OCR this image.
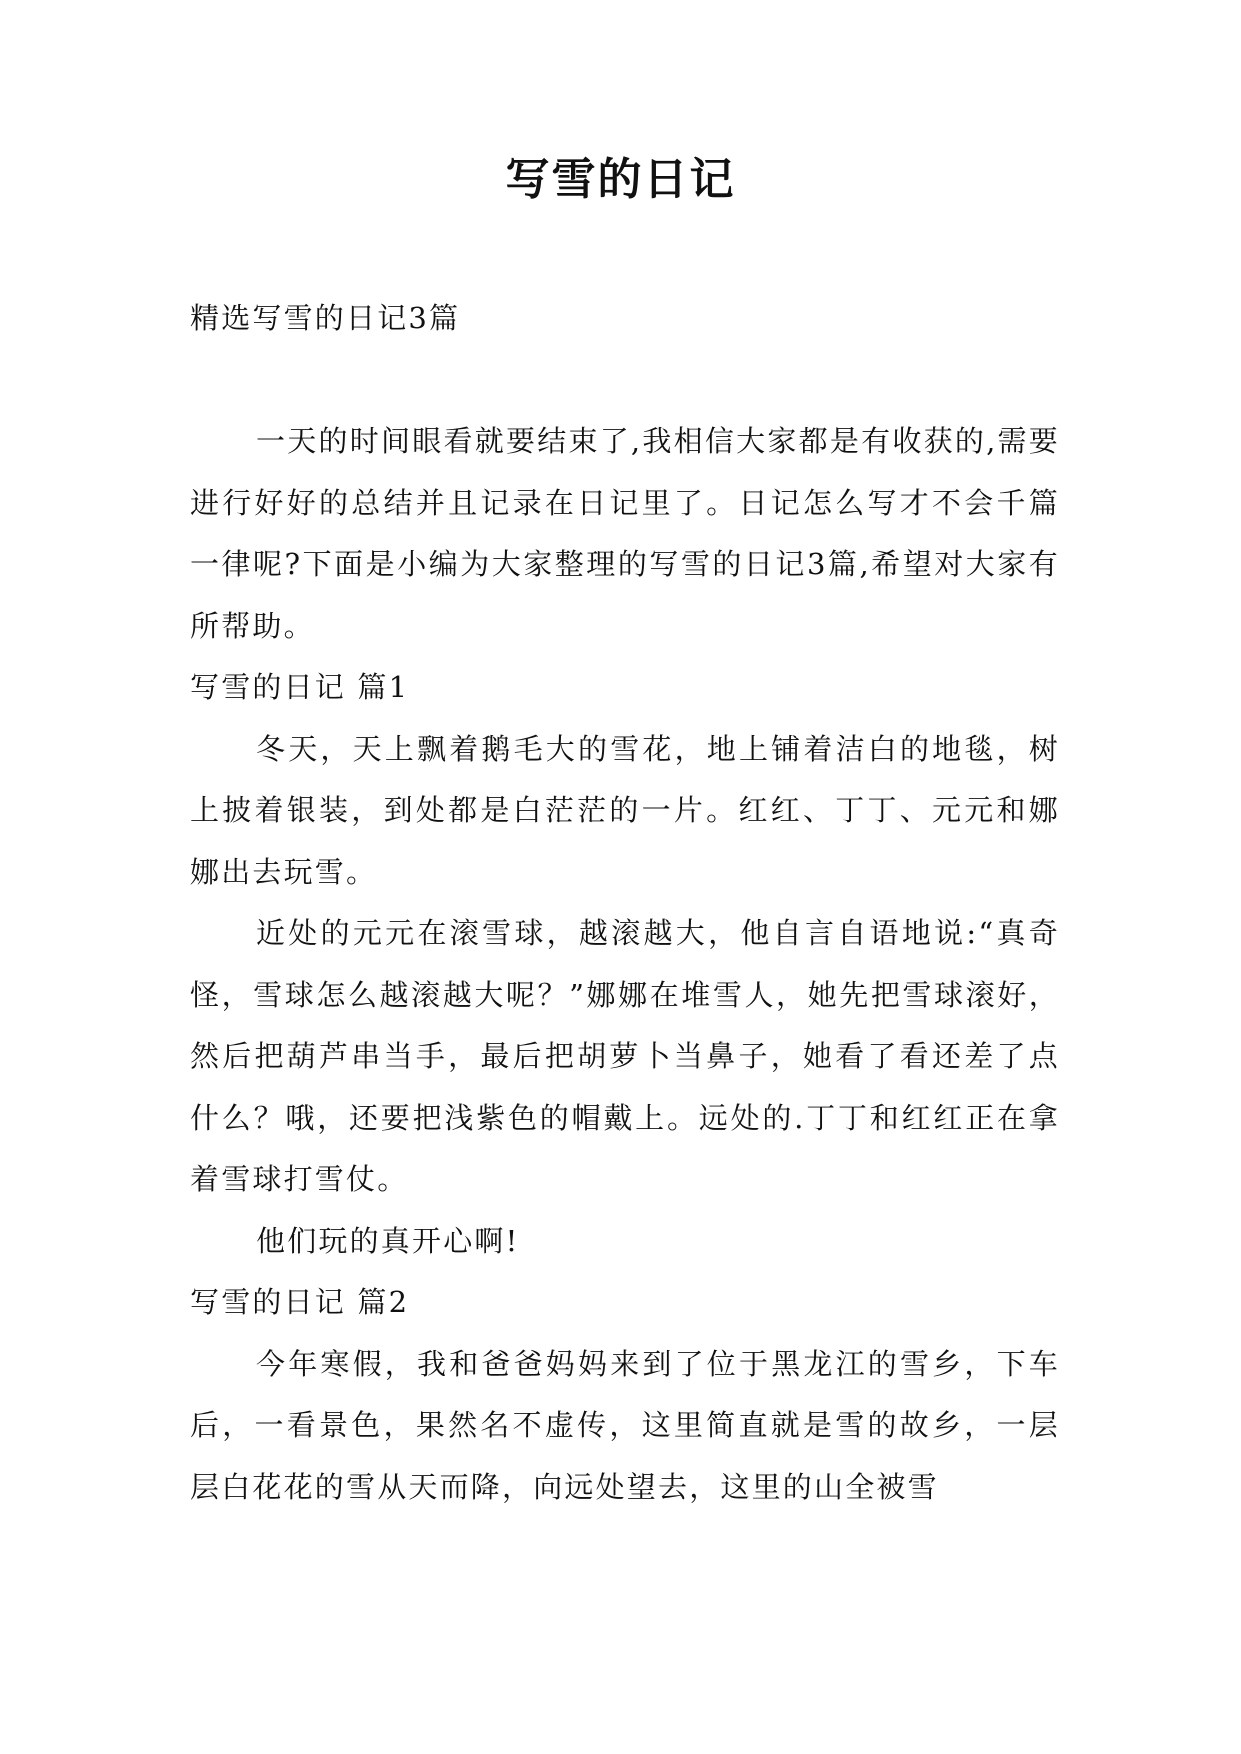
写雪的日记

精选写雪的日记3篇

一天的时间眼看就要结束了,我相信大家都是有收获的,需要进行好好的总结并且记录在日记里了。日记怎么写才不会千篇一律呢?下面是小编为大家整理的写雪的日记3篇,希望对大家有所帮助。

写雪的日记 篇1

冬天，天上飘着鹅毛大的雪花，地上铺着洁白的地毯，树上披着银装，到处都是白茫茫的一片。红红、丁丁、元元和娜娜出去玩雪。

近处的元元在滚雪球，越滚越大，他自言自语地说:“真奇怪，雪球怎么越滚越大呢？”娜娜在堆雪人，她先把雪球滚好，然后把葫芦串当手，最后把胡萝卜当鼻子，她看了看还差了点什么？哦，还要把浅紫色的帽戴上。远处的.丁丁和红红正在拿着雪球打雪仗。

他们玩的真开心啊!

写雪的日记 篇2

今年寒假，我和爸爸妈妈来到了位于黑龙江的雪乡，下车后，一看景色，果然名不虚传，这里简直就是雪的故乡，一层层白花花的雪从天而降，向远处望去，这里的山全被雪
